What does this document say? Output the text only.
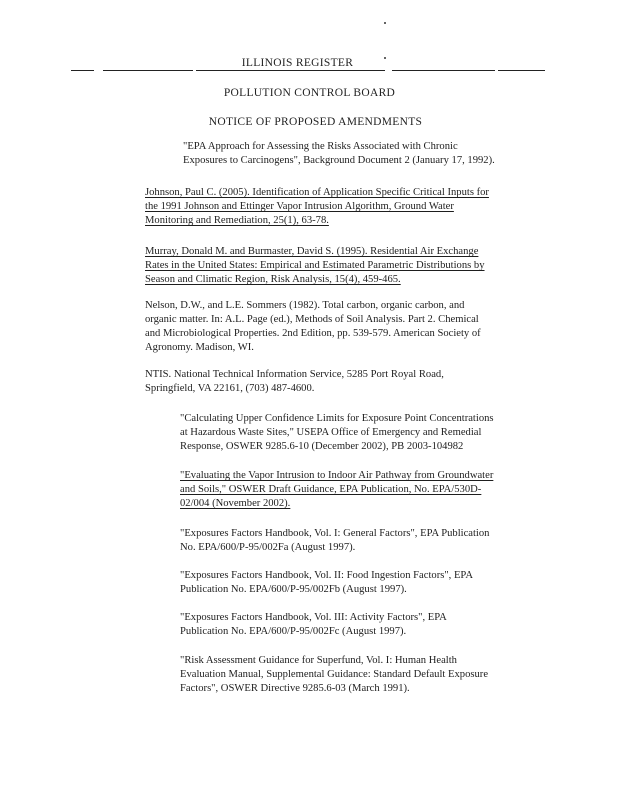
ILLINOIS REGISTER
POLLUTION CONTROL BOARD
NOTICE OF PROPOSED AMENDMENTS
"EPA Approach for Assessing the Risks Associated with Chronic
Exposures to Carcinogens", Background Document 2 (January 17, 1992).
Johnson, Paul C. (2005). Identification of Application Specific Critical Inputs for
the 1991 Johnson and Ettinger Vapor Intrusion Algorithm, Ground Water
Monitoring and Remediation, 25(1), 63-78.
Murray, Donald M. and Burmaster, David S. (1995). Residential Air Exchange
Rates in the United States: Empirical and Estimated Parametric Distributions by
Season and Climatic Region, Risk Analysis, 15(4), 459-465.
Nelson, D.W., and L.E. Sommers (1982). Total carbon, organic carbon, and
organic matter. In: A.L. Page (ed.), Methods of Soil Analysis. Part 2. Chemical
and Microbiological Properties. 2nd Edition, pp. 539-579. American Society of
Agronomy. Madison, WI.
NTIS. National Technical Information Service, 5285 Port Royal Road,
Springfield, VA 22161, (703) 487-4600.
"Calculating Upper Confidence Limits for Exposure Point Concentrations
at Hazardous Waste Sites," USEPA Office of Emergency and Remedial
Response, OSWER 9285.6-10 (December 2002), PB 2003-104982
"Evaluating the Vapor Intrusion to Indoor Air Pathway from Groundwater
and Soils," OSWER Draft Guidance, EPA Publication, No. EPA/530D-
02/004 (November 2002).
"Exposures Factors Handbook, Vol. I: General Factors", EPA Publication
No. EPA/600/P-95/002Fa (August 1997).
"Exposures Factors Handbook, Vol. II: Food Ingestion Factors", EPA
Publication No. EPA/600/P-95/002Fb (August 1997).
"Exposures Factors Handbook, Vol. III: Activity Factors", EPA
Publication No. EPA/600/P-95/002Fc (August 1997).
"Risk Assessment Guidance for Superfund, Vol. I: Human Health
Evaluation Manual, Supplemental Guidance: Standard Default Exposure
Factors", OSWER Directive 9285.6-03 (March 1991).
